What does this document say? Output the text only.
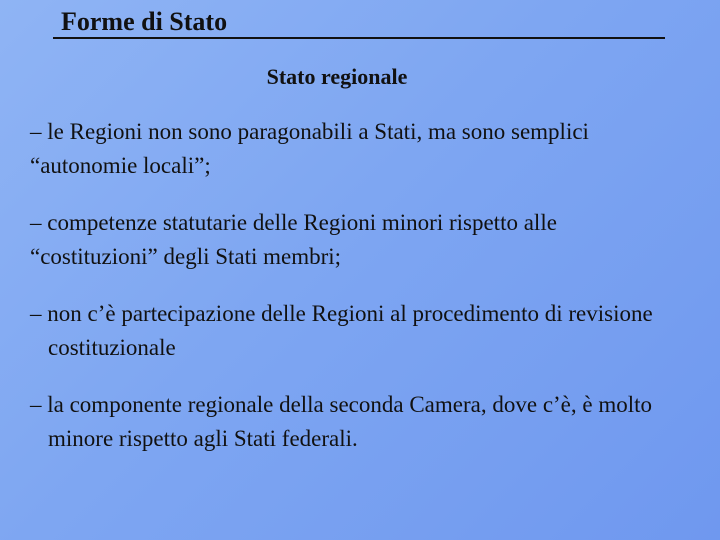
Forme di Stato
Stato regionale
– le Regioni non sono paragonabili a Stati, ma sono semplici “autonomie locali”;
– competenze statutarie delle Regioni minori rispetto alle “costituzioni” degli Stati membri;
– non c’è partecipazione delle Regioni al procedimento di revisione costituzionale
– la componente regionale della seconda Camera, dove c’è, è molto minore rispetto agli Stati federali.
